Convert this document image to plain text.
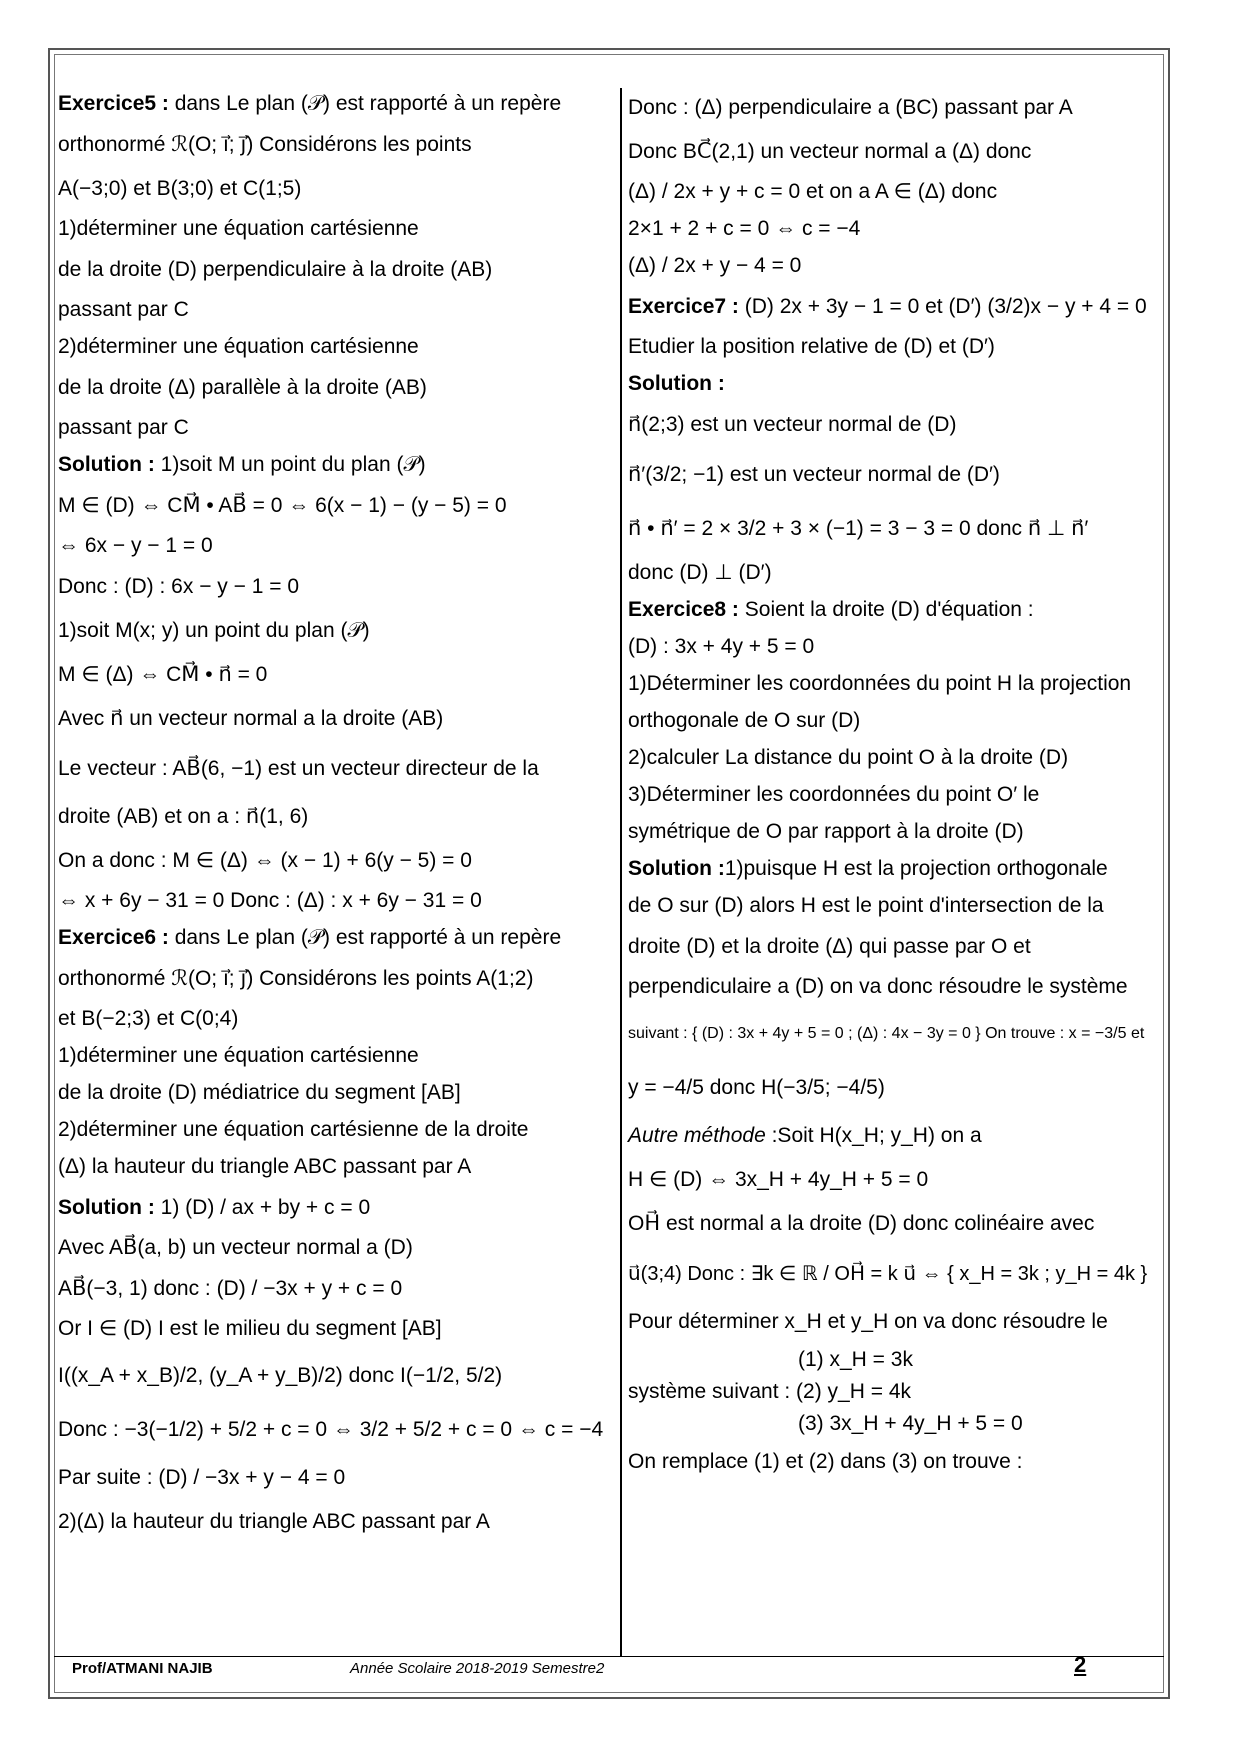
Exercice5 : dans Le plan (𝒫) est rapporté à un repère

orthonormé ℛ(O; i⃗; j⃗) Considérons les points

A(−3;0) et B(3;0) et C(1;5)

1)déterminer une équation cartésienne

de la droite (D) perpendiculaire à la droite (AB)

passant par C

2)déterminer une équation cartésienne

de la droite (Δ) parallèle à la droite (AB)

passant par C

Solution : 1)soit M un point du plan (𝒫)

M ∈ (D) ⇔ CM⃗ • AB⃗ = 0 ⇔ 6(x − 1) − (y − 5) = 0

⇔ 6x − y − 1 = 0

Donc : (D) : 6x − y − 1 = 0

1)soit M(x; y) un point du plan (𝒫)

M ∈ (Δ) ⇔ CM⃗ • n⃗ = 0

Avec n⃗ un vecteur normal a la droite (AB)

Le vecteur : AB⃗(6, −1) est un vecteur directeur de la

droite (AB) et on a : n⃗(1, 6)

On a donc : M ∈ (Δ) ⇔ (x − 1) + 6(y − 5) = 0

⇔ x + 6y − 31 = 0 Donc : (Δ) : x + 6y − 31 = 0

Exercice6 : dans Le plan (𝒫) est rapporté à un repère

orthonormé ℛ(O; i⃗; j⃗) Considérons les points A(1;2)

et B(−2;3) et C(0;4)

1)déterminer une équation cartésienne

de la droite (D) médiatrice du segment [AB]

2)déterminer une équation cartésienne de la droite

(Δ) la hauteur du triangle ABC passant par A

Solution : 1) (D) / ax + by + c = 0

Avec AB⃗(a, b) un vecteur normal a (D)

AB⃗(−3, 1) donc : (D) / −3x + y + c = 0

Or I ∈ (D) I est le milieu du segment [AB]

I((x_A + x_B)/2, (y_A + y_B)/2) donc I(−1/2, 5/2)

Donc : −3(−1/2) + 5/2 + c = 0 ⇔ 3/2 + 5/2 + c = 0 ⇔ c = −4

Par suite : (D) / −3x + y − 4 = 0

2)(Δ) la hauteur du triangle ABC passant par A

Donc : (Δ) perpendiculaire a (BC) passant par A

Donc BC⃗(2,1) un vecteur normal a (Δ) donc

(Δ) / 2x + y + c = 0 et on a A ∈ (Δ) donc

2×1 + 2 + c = 0 ⇔ c = −4

(Δ) / 2x + y − 4 = 0

Exercice7 : (D) 2x + 3y − 1 = 0 et (D′) (3/2)x − y + 4 = 0

Etudier la position relative de (D) et (D′)

Solution :

n⃗(2;3) est un vecteur normal de (D)

n⃗′(3/2; −1) est un vecteur normal de (D′)

n⃗ • n⃗′ = 2 × 3/2 + 3 × (−1) = 3 − 3 = 0 donc n⃗ ⊥ n⃗′

donc (D) ⊥ (D′)

Exercice8 : Soient la droite (D) d'équation :

(D) : 3x + 4y + 5 = 0

1)Déterminer les coordonnées du point H la projection

orthogonale de O sur (D)

2)calculer La distance du point O à la droite (D)

3)Déterminer les coordonnées du point O′ le

symétrique de O par rapport à la droite (D)

Solution :1)puisque H est la projection orthogonale

de O sur (D) alors H est le point d'intersection de la

droite (D) et la droite (Δ) qui passe par O et

perpendiculaire a (D) on va donc résoudre le système

suivant : { (D) : 3x + 4y + 5 = 0 ; (Δ) : 4x − 3y = 0 } On trouve : x = −3/5 et

y = −4/5 donc H(−3/5; −4/5)

Autre méthode :Soit H(x_H; y_H) on a

H ∈ (D) ⇔ 3x_H + 4y_H + 5 = 0

OH⃗ est normal a la droite (D) donc colinéaire avec

u⃗(3;4) Donc : ∃k ∈ ℝ / OH⃗ = k u⃗ ⇔ { x_H = 3k ; y_H = 4k }

Pour déterminer x_H et y_H on va donc résoudre le

(1) x_H = 3k

système suivant : (2) y_H = 4k

(3) 3x_H + 4y_H + 5 = 0

On remplace (1) et (2) dans (3) on trouve :

Prof/ATMANI NAJIB	Année Scolaire 2018-2019 Semestre2	2
